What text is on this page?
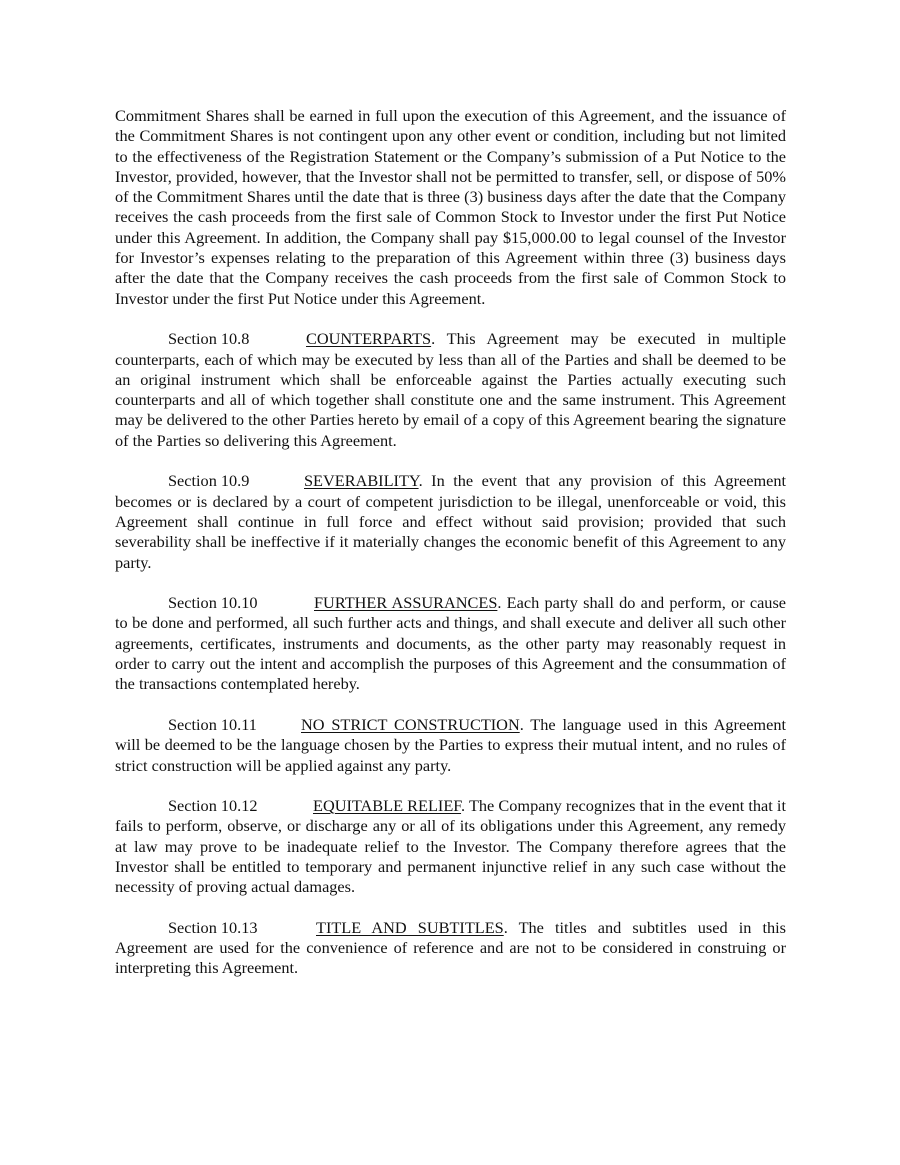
Commitment Shares shall be earned in full upon the execution of this Agreement, and the issuance of the Commitment Shares is not contingent upon any other event or condition, including but not limited to the effectiveness of the Registration Statement or the Company’s submission of a Put Notice to the Investor, provided, however, that the Investor shall not be permitted to transfer, sell, or dispose of 50% of the Commitment Shares until the date that is three (3) business days after the date that the Company receives the cash proceeds from the first sale of Common Stock to Investor under the first Put Notice under this Agreement. In addition, the Company shall pay $15,000.00 to legal counsel of the Investor for Investor’s expenses relating to the preparation of this Agreement within three (3) business days after the date that the Company receives the cash proceeds from the first sale of Common Stock to Investor under the first Put Notice under this Agreement.

Section 10.8	COUNTERPARTS. This Agreement may be executed in multiple counterparts, each of which may be executed by less than all of the Parties and shall be deemed to be an original instrument which shall be enforceable against the Parties actually executing such counterparts and all of which together shall constitute one and the same instrument. This Agreement may be delivered to the other Parties hereto by email of a copy of this Agreement bearing the signature of the Parties so delivering this Agreement.

Section 10.9	SEVERABILITY. In the event that any provision of this Agreement becomes or is declared by a court of competent jurisdiction to be illegal, unenforceable or void, this Agreement shall continue in full force and effect without said provision; provided that such severability shall be ineffective if it materially changes the economic benefit of this Agreement to any party.

Section 10.10	FURTHER ASSURANCES. Each party shall do and perform, or cause to be done and performed, all such further acts and things, and shall execute and deliver all such other agreements, certificates, instruments and documents, as the other party may reasonably request in order to carry out the intent and accomplish the purposes of this Agreement and the consummation of the transactions contemplated hereby.

Section 10.11	NO STRICT CONSTRUCTION. The language used in this Agreement will be deemed to be the language chosen by the Parties to express their mutual intent, and no rules of strict construction will be applied against any party.

Section 10.12	EQUITABLE RELIEF. The Company recognizes that in the event that it fails to perform, observe, or discharge any or all of its obligations under this Agreement, any remedy at law may prove to be inadequate relief to the Investor. The Company therefore agrees that the Investor shall be entitled to temporary and permanent injunctive relief in any such case without the necessity of proving actual damages.

Section 10.13	TITLE AND SUBTITLES. The titles and subtitles used in this Agreement are used for the convenience of reference and are not to be considered in construing or interpreting this Agreement.
